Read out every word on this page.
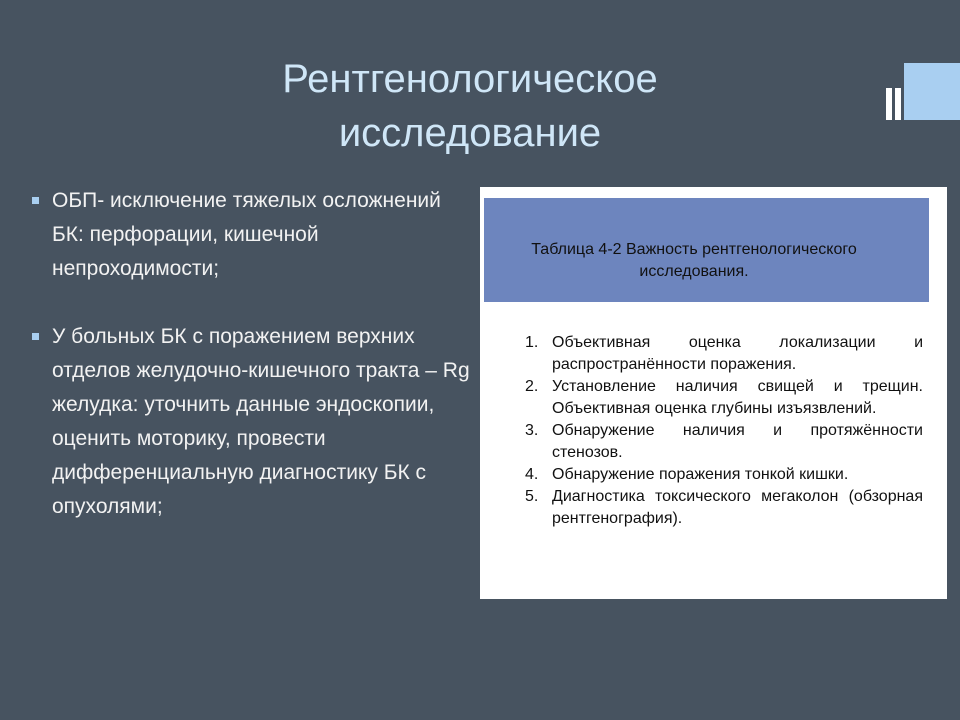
Рентгенологическое
исследование
ОБП- исключение тяжелых осложнений БК: перфорации, кишечной непроходимости;
У больных БК с поражением верхних отделов желудочно-кишечного тракта – Rg желудка: уточнить данные эндоскопии, оценить моторику, провести дифференциальную диагностику БК с опухолями;

Таблица 4-2 Важность рентгенологического
исследования.

1. Объективная оценка локализации и распространённости поражения.
2. Установление наличия свищей и трещин. Объективная оценка глубины изъязвлений.
3. Обнаружение наличия и протяжённости стенозов.
4. Обнаружение поражения тонкой кишки.
5. Диагностика токсического мегаколон (обзорная рентгенография).
